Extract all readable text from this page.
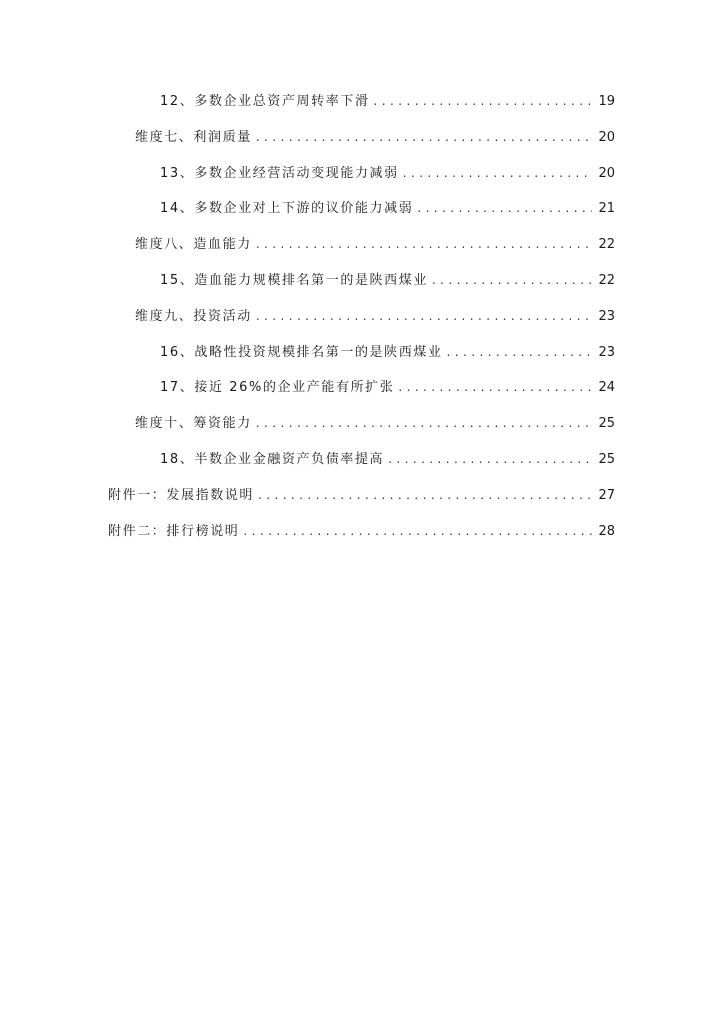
12、多数企业总资产周转率下滑 . . .	19
维度七、利润质量 . . .	20
13、多数企业经营活动变现能力减弱 . . .	20
14、多数企业对上下游的议价能力减弱 . . .	21
维度八、造血能力 . . .	22
15、造血能力规模排名第一的是陕西煤业 . . .	22
维度九、投资活动 . . .	23
16、战略性投资规模排名第一的是陕西煤业 . . .	23
17、接近 26%的企业产能有所扩张 . . .	24
维度十、筹资能力 . . .	25
18、半数企业金融资产负债率提高 . . .	25
附件一：发展指数说明 . . .	27
附件二：排行榜说明 . . .	28
